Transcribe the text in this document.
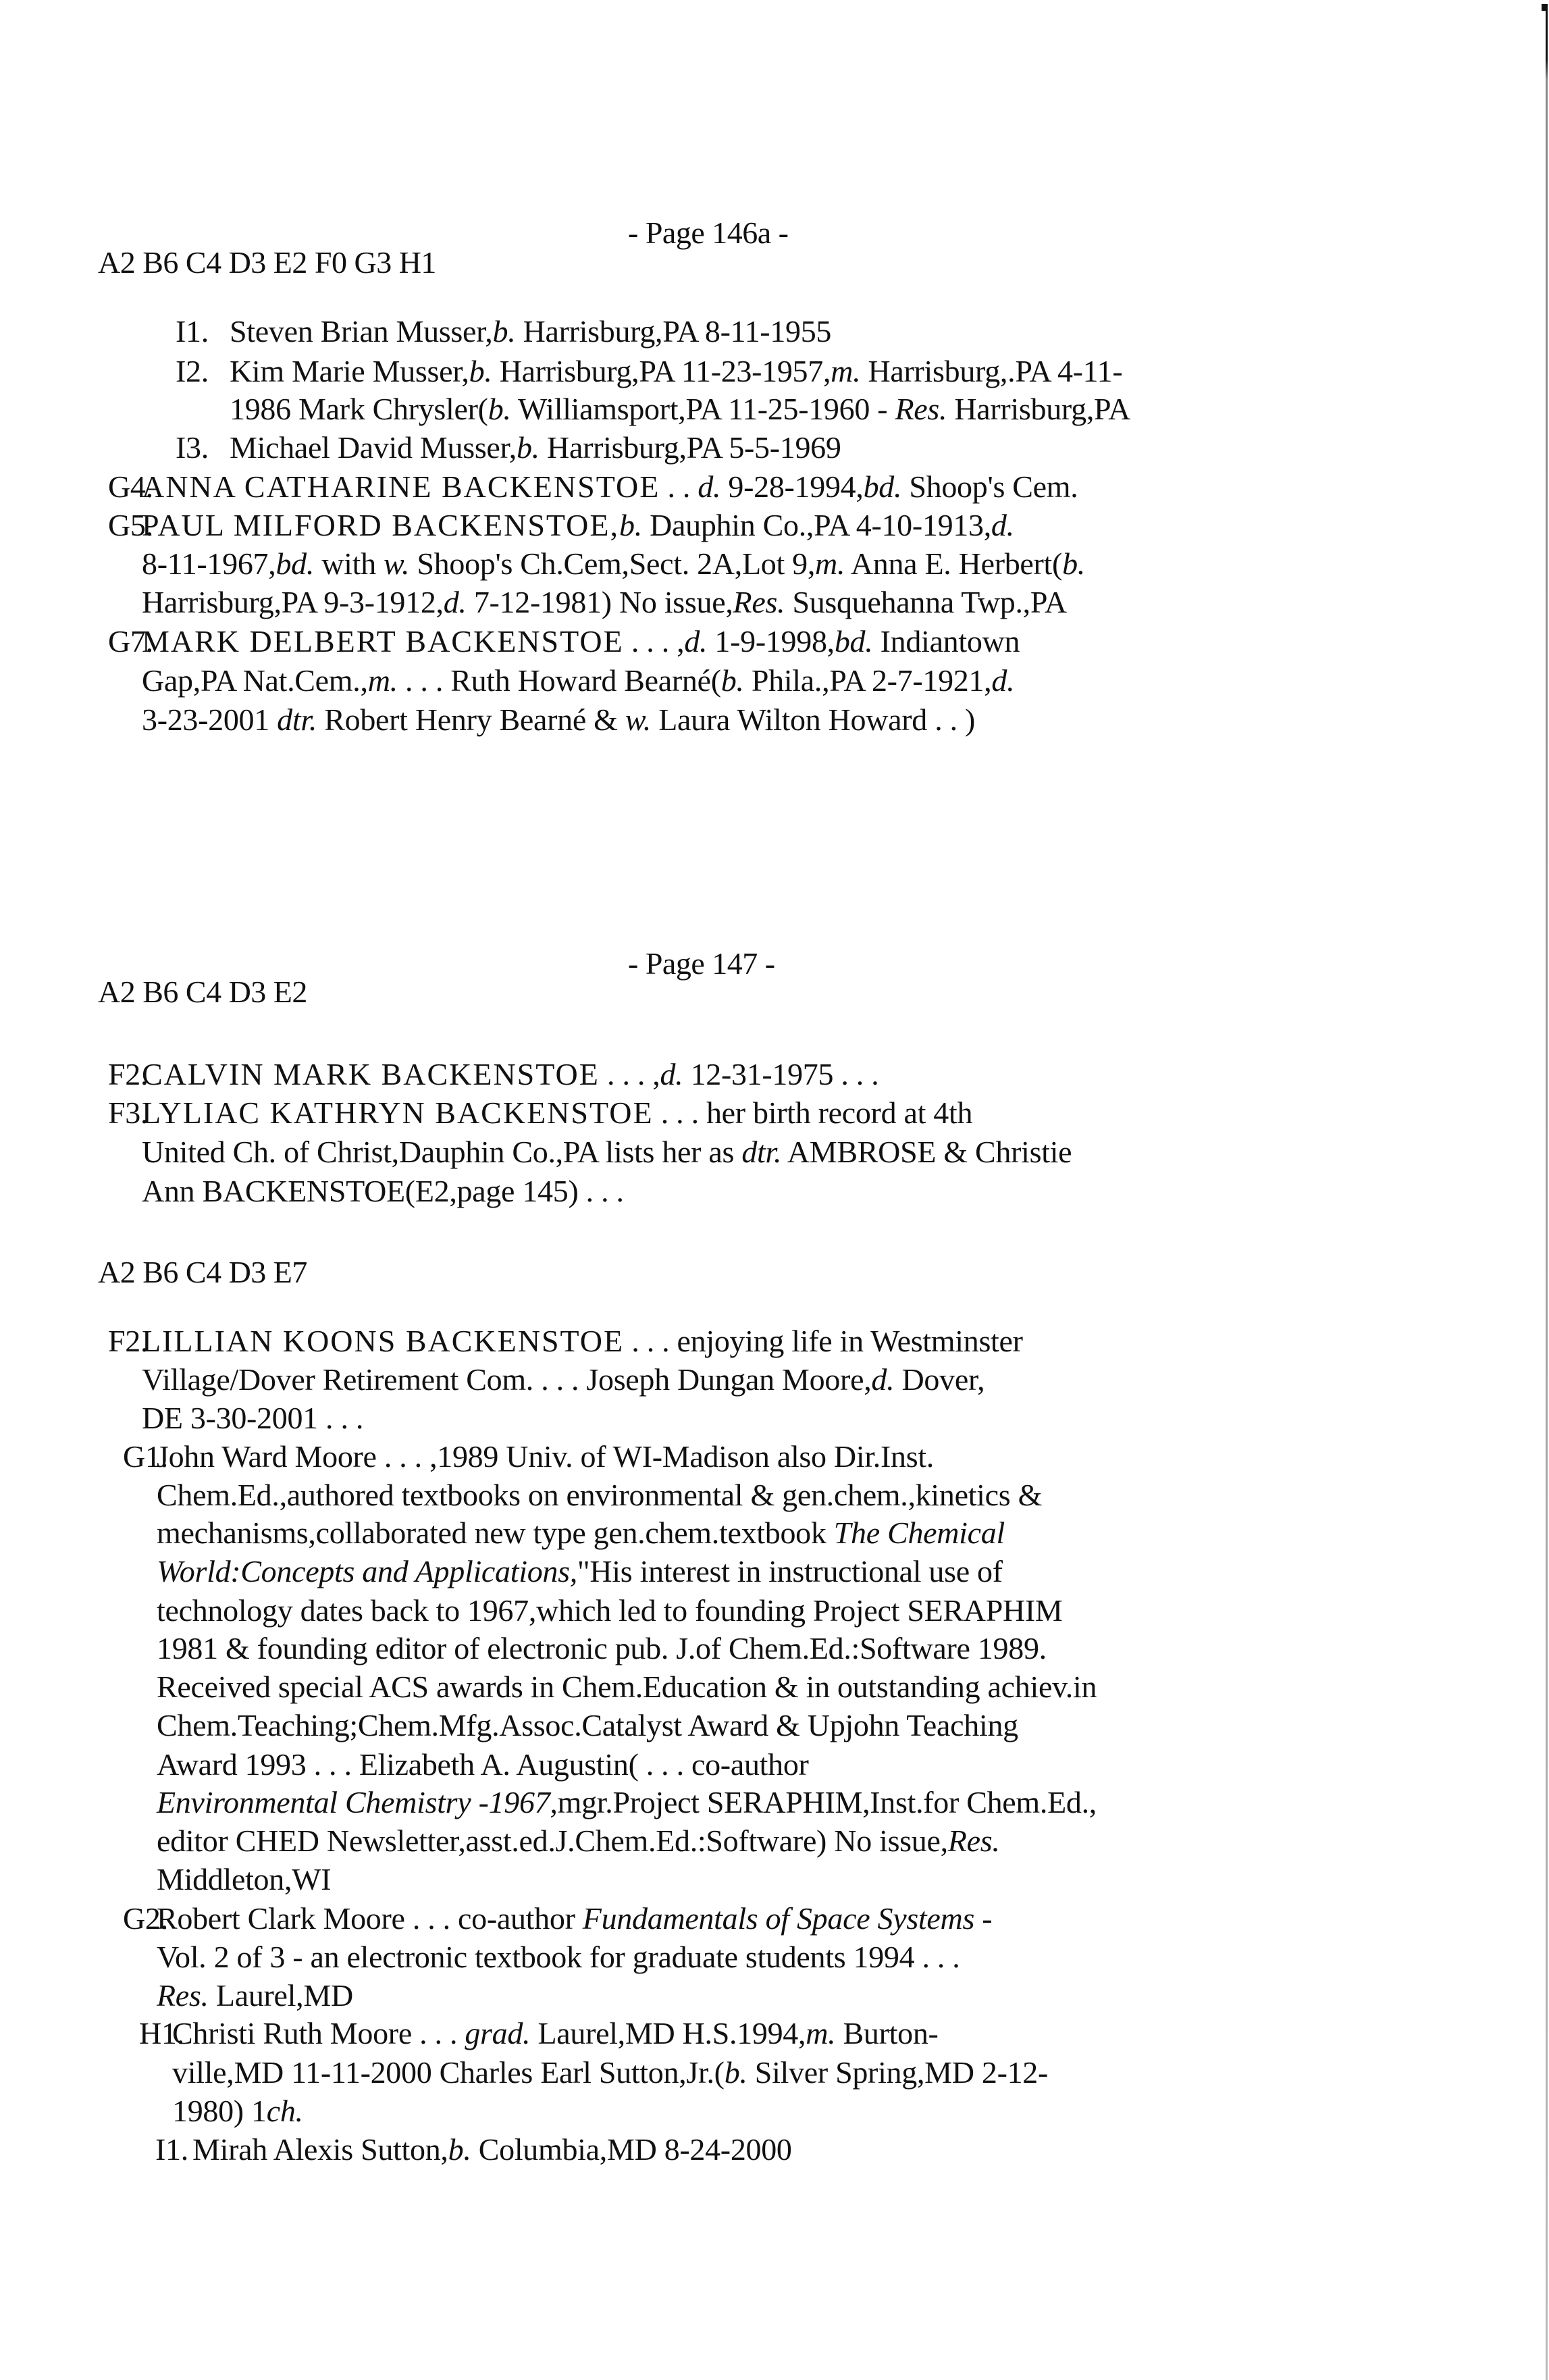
- Page 146a -
A2 B6 C4 D3 E2 F0 G3 H1
- Page 147 -
A2 B6 C4 D3 E2
A2 B6 C4 D3 E7
I1. Steven Brian Musser,b. Harrisburg,PA 8-11-1955
I2. Kim Marie Musser,b. Harrisburg,PA 11-23-1957,m. Harrisburg,.PA 4-11-
1986 Mark Chrysler(b. Williamsport,PA 11-25-1960 - Res. Harrisburg,PA
I3. Michael David Musser,b. Harrisburg,PA 5-5-1969
G4.
ANNA CATHARINE BACKENSTOE . . d. 9-28-1994,bd. Shoop's Cem.
G5.
PAUL MILFORD BACKENSTOE,b. Dauphin Co.,PA 4-10-1913,d.
8-11-1967,bd. with w. Shoop's Ch.Cem,Sect. 2A,Lot 9,m. Anna E. Herbert(b.
Harrisburg,PA 9-3-1912,d. 7-12-1981) No issue,Res. Susquehanna Twp.,PA
G7.
MARK DELBERT BACKENSTOE . . . ,d. 1-9-1998,bd. Indiantown
Gap,PA Nat.Cem.,m. . . . Ruth Howard Bearné(b. Phila.,PA 2-7-1921,d.
3-23-2001 dtr. Robert Henry Bearné & w. Laura Wilton Howard . . )
F2.
CALVIN MARK BACKENSTOE . . . ,d. 12-31-1975 . . .
F3.
LYLIAC KATHRYN BACKENSTOE . . . her birth record at 4th
United Ch. of Christ,Dauphin Co.,PA lists her as dtr. AMBROSE & Christie
Ann BACKENSTOE(E2,page 145) . . .
F2.
LILLIAN KOONS BACKENSTOE . . . enjoying life in Westminster
Village/Dover Retirement Com. . . . Joseph Dungan Moore,d. Dover,
DE 3-30-2001 . . .
G1.
John Ward Moore . . . ,1989 Univ. of WI-Madison also Dir.Inst.
Chem.Ed.,authored textbooks on environmental & gen.chem.,kinetics &
mechanisms,collaborated new type gen.chem.textbook The Chemical
World:Concepts and Applications,"His interest in instructional use of
technology dates back to 1967,which led to founding Project SERAPHIM
1981 & founding editor of electronic pub. J.of Chem.Ed.:Software 1989.
Received special ACS awards in Chem.Education & in outstanding achiev.in
Chem.Teaching;Chem.Mfg.Assoc.Catalyst Award & Upjohn Teaching
Award 1993 . . . Elizabeth A. Augustin( . . . co-author
Environmental Chemistry -1967,mgr.Project SERAPHIM,Inst.for Chem.Ed.,
editor CHED Newsletter,asst.ed.J.Chem.Ed.:Software) No issue,Res.
Middleton,WI
G2.
Robert Clark Moore . . . co-author Fundamentals of Space Systems -
Vol. 2 of 3 - an electronic textbook for graduate students 1994 . . .
Res. Laurel,MD
H1.
Christi Ruth Moore . . . grad. Laurel,MD H.S.1994,m. Burton-
ville,MD 11-11-2000 Charles Earl Sutton,Jr.(b. Silver Spring,MD 2-12-
1980) 1ch.
I1. Mirah Alexis Sutton,b. Columbia,MD 8-24-2000
